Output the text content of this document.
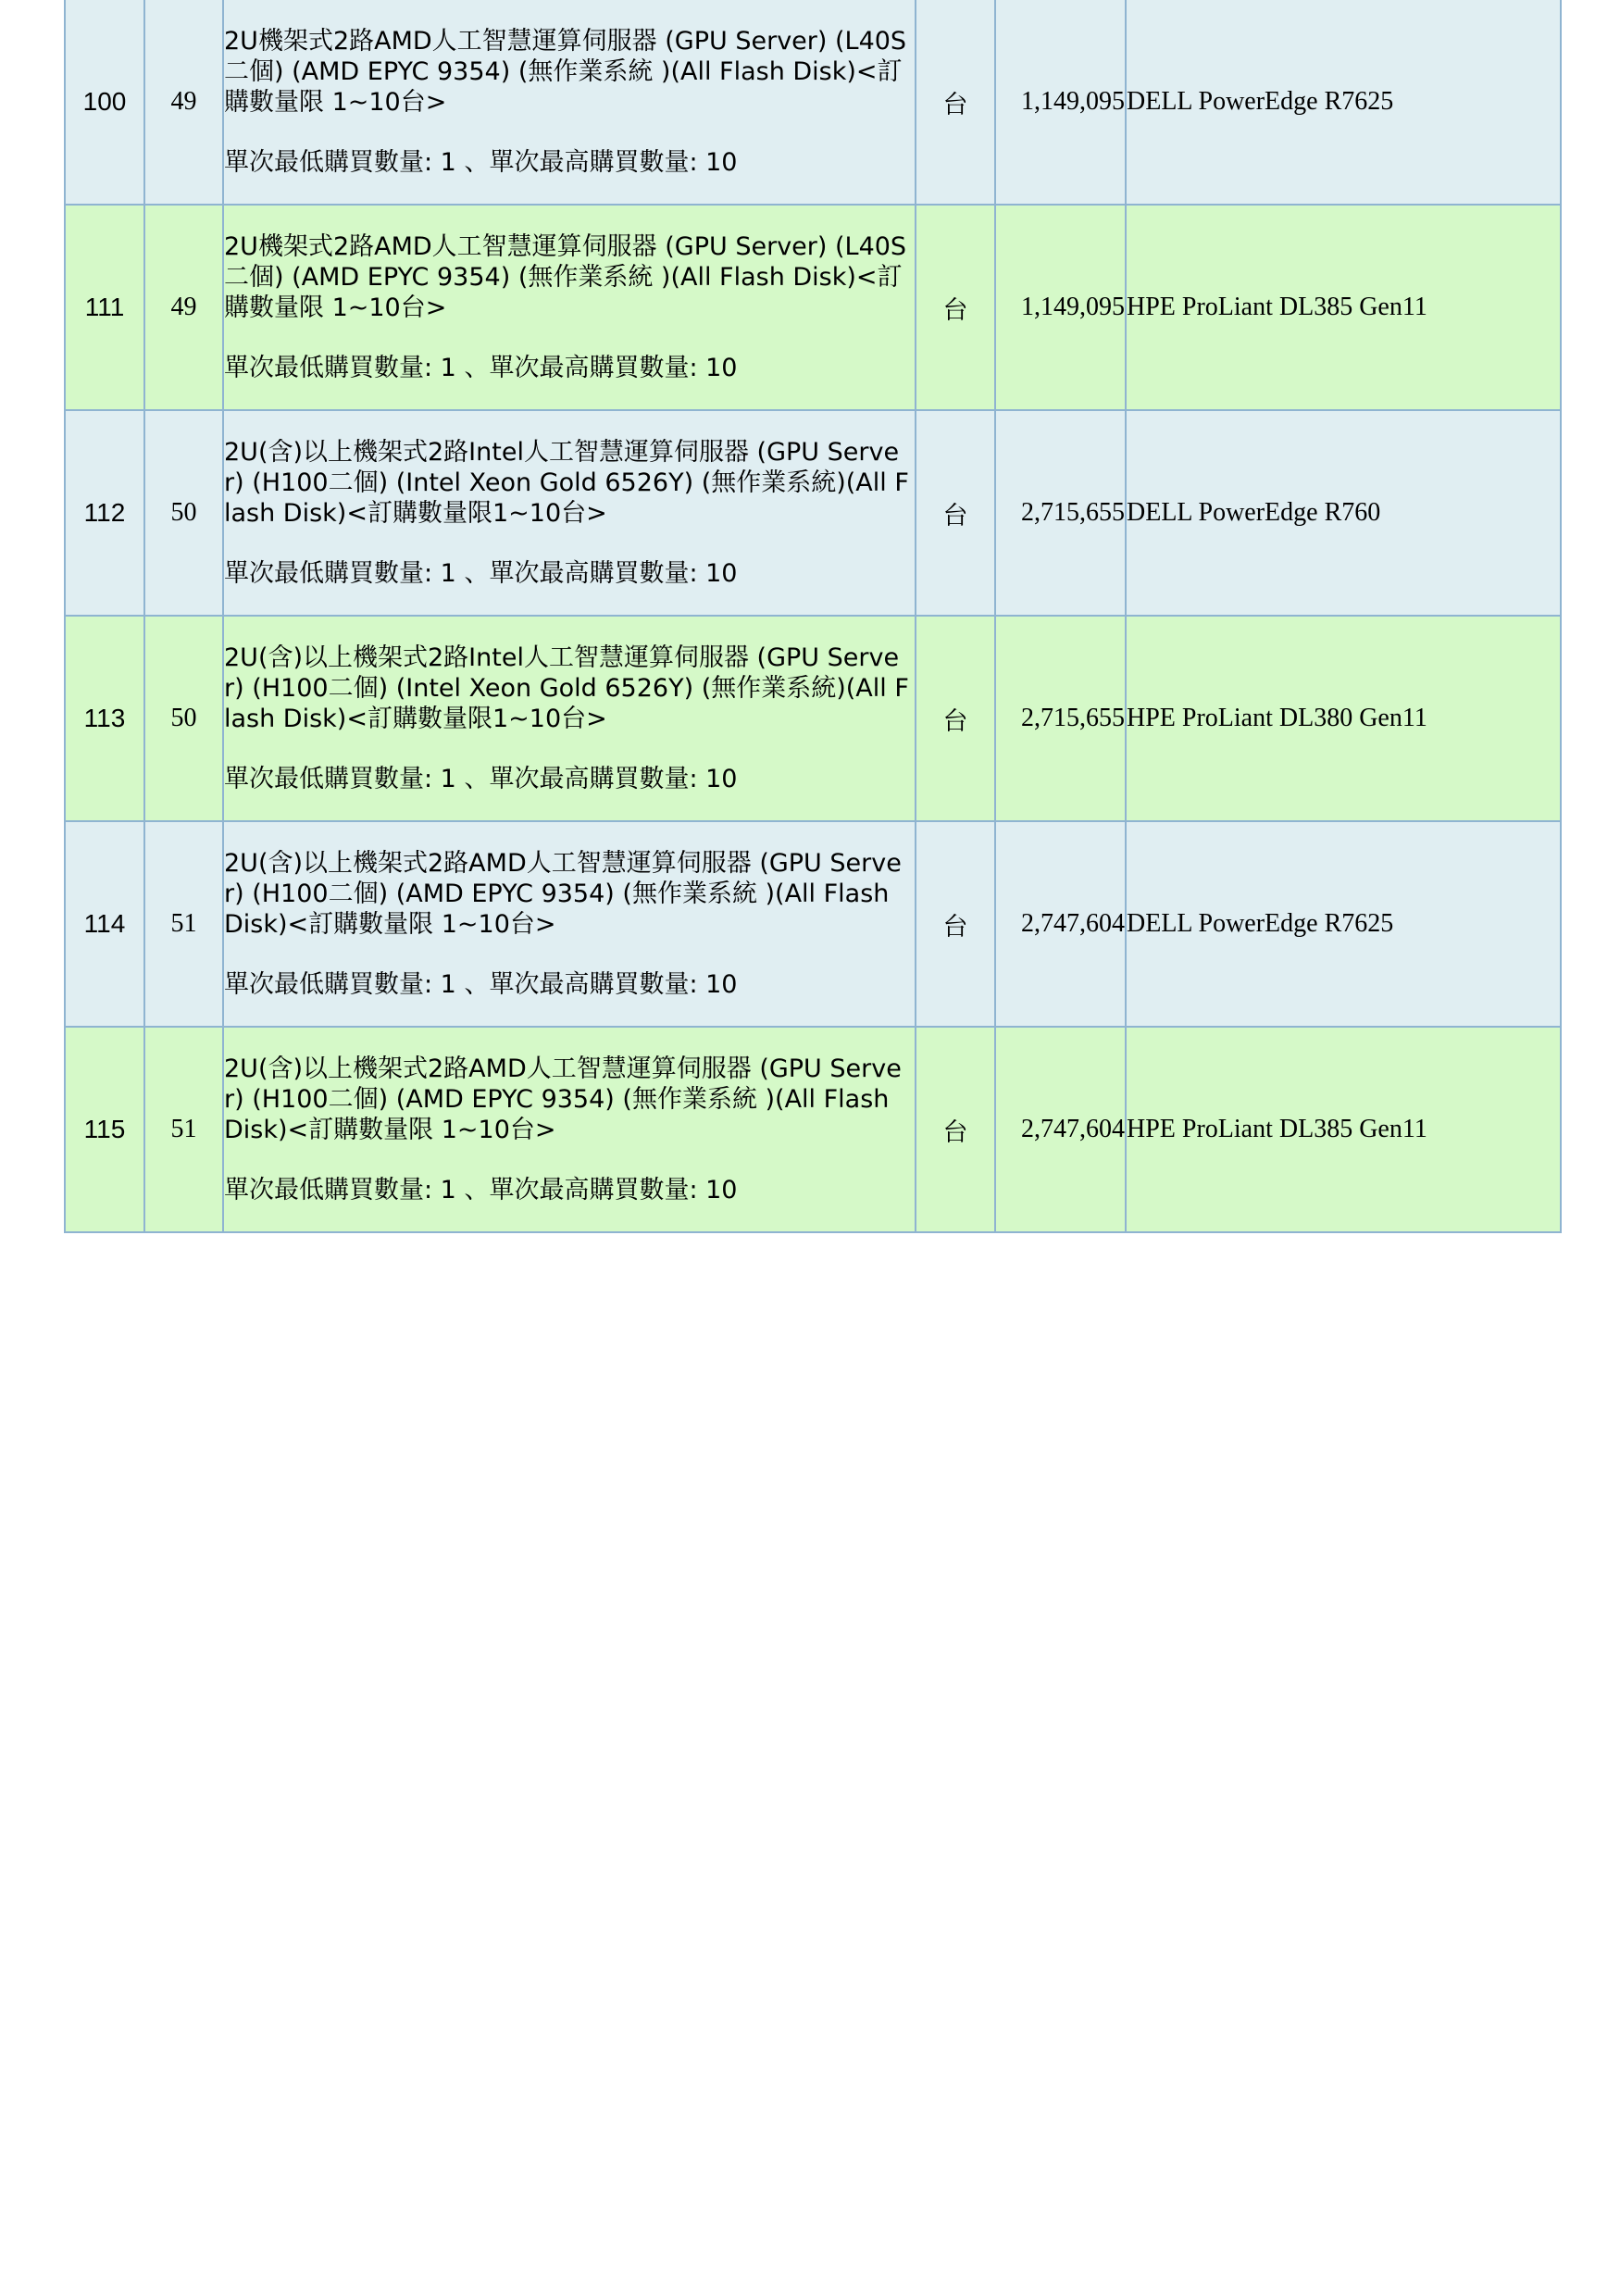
100	49	2U機架式2路AMD人工智慧運算伺服器 (GPU Server) (L40S二個) (AMD EPYC 9354) (無作業系統 )(All Flash Disk)<訂購數量限 1~10台>
單次最低購買數量: 1 、單次最高購買數量: 10	台	1,149,095	DELL PowerEdge R7625
111	49	2U機架式2路AMD人工智慧運算伺服器 (GPU Server) (L40S二個) (AMD EPYC 9354) (無作業系統 )(All Flash Disk)<訂購數量限 1~10台>
單次最低購買數量: 1 、單次最高購買數量: 10	台	1,149,095	HPE ProLiant DL385 Gen11
112	50	2U(含)以上機架式2路Intel人工智慧運算伺服器 (GPU Server) (H100二個) (Intel Xeon Gold 6526Y) (無作業系統)(All Flash Disk)<訂購數量限1~10台>
單次最低購買數量: 1 、單次最高購買數量: 10	台	2,715,655	DELL PowerEdge R760
113	50	2U(含)以上機架式2路Intel人工智慧運算伺服器 (GPU Server) (H100二個) (Intel Xeon Gold 6526Y) (無作業系統)(All Flash Disk)<訂購數量限1~10台>
單次最低購買數量: 1 、單次最高購買數量: 10	台	2,715,655	HPE ProLiant DL380 Gen11
114	51	2U(含)以上機架式2路AMD人工智慧運算伺服器 (GPU Server) (H100二個) (AMD EPYC 9354) (無作業系統 )(All Flash Disk)<訂購數量限 1~10台>
單次最低購買數量: 1 、單次最高購買數量: 10	台	2,747,604	DELL PowerEdge R7625
115	51	2U(含)以上機架式2路AMD人工智慧運算伺服器 (GPU Server) (H100二個) (AMD EPYC 9354) (無作業系統 )(All Flash Disk)<訂購數量限 1~10台>
單次最低購買數量: 1 、單次最高購買數量: 10	台	2,747,604	HPE ProLiant DL385 Gen11
